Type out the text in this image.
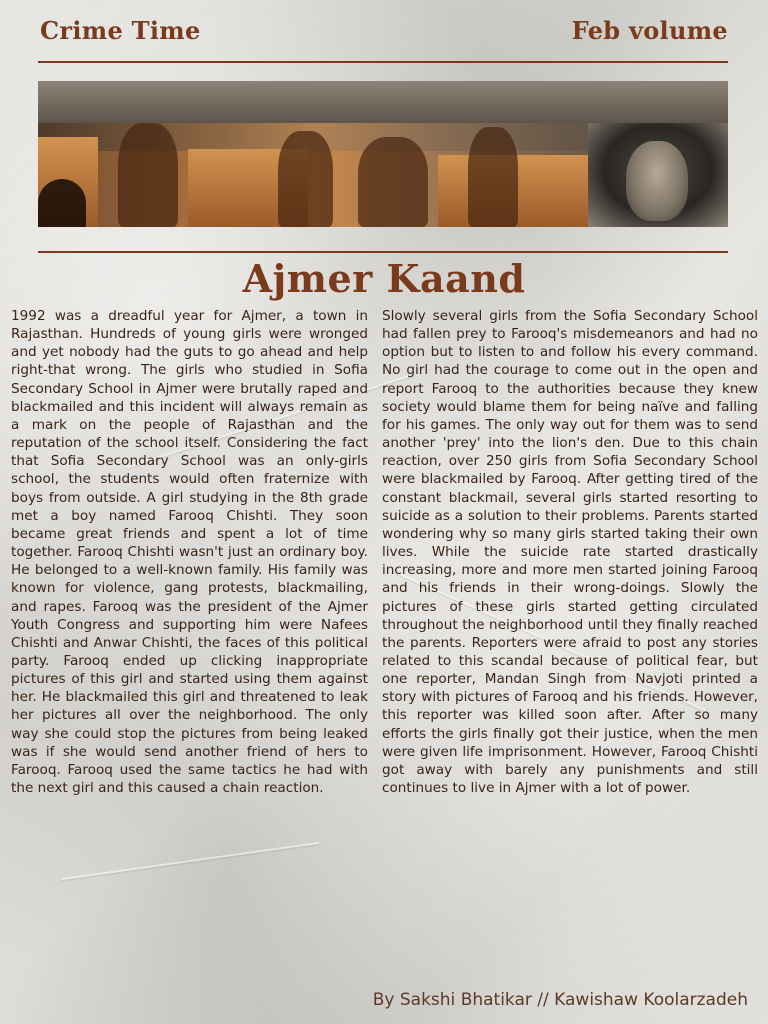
Crime Time	Feb volume
Ajmer Kaand
1992 was a dreadful year for Ajmer, a town in Rajasthan. Hundreds of young girls were wronged and yet nobody had the guts to go ahead and help right-that wrong. The girls who studied in Sofia Secondary School in Ajmer were brutally raped and blackmailed and this incident will always remain as a mark on the people of Rajasthan and the reputation of the school itself. Considering the fact that Sofia Secondary School was an only-girls school, the students would often fraternize with boys from outside. A girl studying in the 8th grade met a boy named Farooq Chishti. They soon became great friends and spent a lot of time together. Farooq Chishti wasn't just an ordinary boy. He belonged to a well-known family. His family was known for violence, gang protests, blackmailing, and rapes. Farooq was the president of the Ajmer Youth Congress and supporting him were Nafees Chishti and Anwar Chishti, the faces of this political party. Farooq ended up clicking inappropriate pictures of this girl and started using them against her. He blackmailed this girl and threatened to leak her pictures all over the neighborhood. The only way she could stop the pictures from being leaked was if she would send another friend of hers to Farooq. Farooq used the same tactics he had with the next girl and this caused a chain reaction.
Slowly several girls from the Sofia Secondary School had fallen prey to Farooq's misdemeanors and had no option but to listen to and follow his every command. No girl had the courage to come out in the open and report Farooq to the authorities because they knew society would blame them for being naïve and falling for his games. The only way out for them was to send another 'prey' into the lion's den. Due to this chain reaction, over 250 girls from Sofia Secondary School were blackmailed by Farooq. After getting tired of the constant blackmail, several girls started resorting to suicide as a solution to their problems. Parents started wondering why so many girls started taking their own lives. While the suicide rate started drastically increasing, more and more men started joining Farooq and his friends in their wrong-doings. Slowly the pictures of these girls started getting circulated throughout the neighborhood until they finally reached the parents. Reporters were afraid to post any stories related to this scandal because of political fear, but one reporter, Mandan Singh from Navjoti printed a story with pictures of Farooq and his friends. However, this reporter was killed soon after. After so many efforts the girls finally got their justice, when the men were given life imprisonment. However, Farooq Chishti got away with barely any punishments and still continues to live in Ajmer with a lot of power.
By Sakshi Bhatikar // Kawishaw Koolarzadeh
